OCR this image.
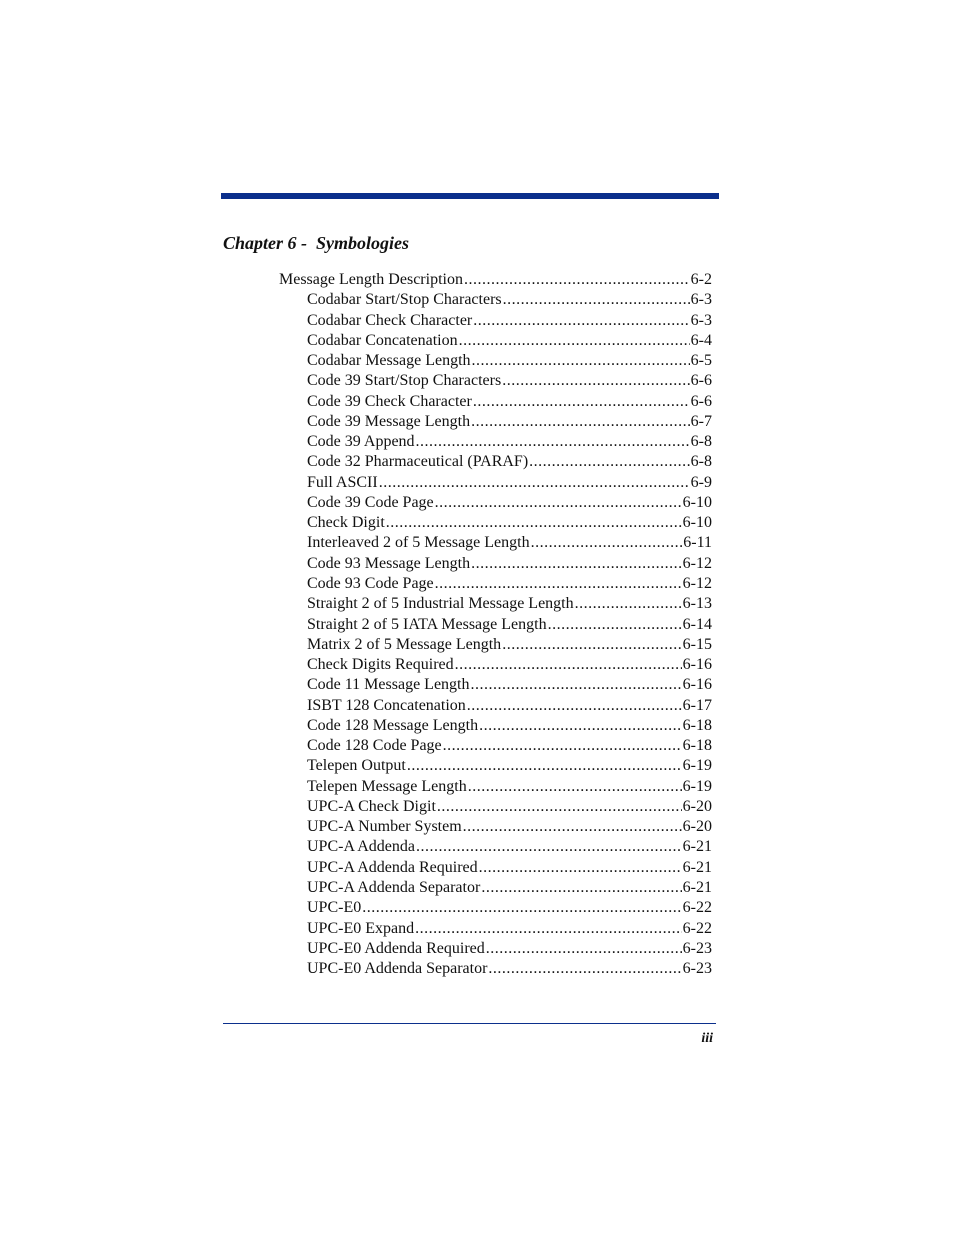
Chapter 6 -  Symbologies
Message Length Description .....	6-2
Codabar Start/Stop Characters .....	6-3
Codabar Check Character .....	6-3
Codabar Concatenation .....	6-4
Codabar Message Length .....	6-5
Code 39 Start/Stop Characters .....	6-6
Code 39 Check Character .....	6-6
Code 39 Message Length .....	6-7
Code 39 Append .....	6-8
Code 32 Pharmaceutical (PARAF) .....	6-8
Full ASCII .....	6-9
Code 39 Code Page .....	6-10
Check Digit .....	6-10
Interleaved 2 of 5 Message Length .....	6-11
Code 93 Message Length .....	6-12
Code 93 Code Page .....	6-12
Straight 2 of 5 Industrial Message Length .....	6-13
Straight 2 of 5 IATA Message Length .....	6-14
Matrix 2 of 5 Message Length .....	6-15
Check Digits Required .....	6-16
Code 11 Message Length .....	6-16
ISBT 128 Concatenation .....	6-17
Code 128 Message Length .....	6-18
Code 128 Code Page .....	6-18
Telepen Output .....	6-19
Telepen Message Length .....	6-19
UPC-A Check Digit .....	6-20
UPC-A Number System .....	6-20
UPC-A Addenda .....	6-21
UPC-A Addenda Required .....	6-21
UPC-A Addenda Separator .....	6-21
UPC-E0 .....	6-22
UPC-E0 Expand .....	6-22
UPC-E0 Addenda Required .....	6-23
UPC-E0 Addenda Separator .....	6-23
iii
